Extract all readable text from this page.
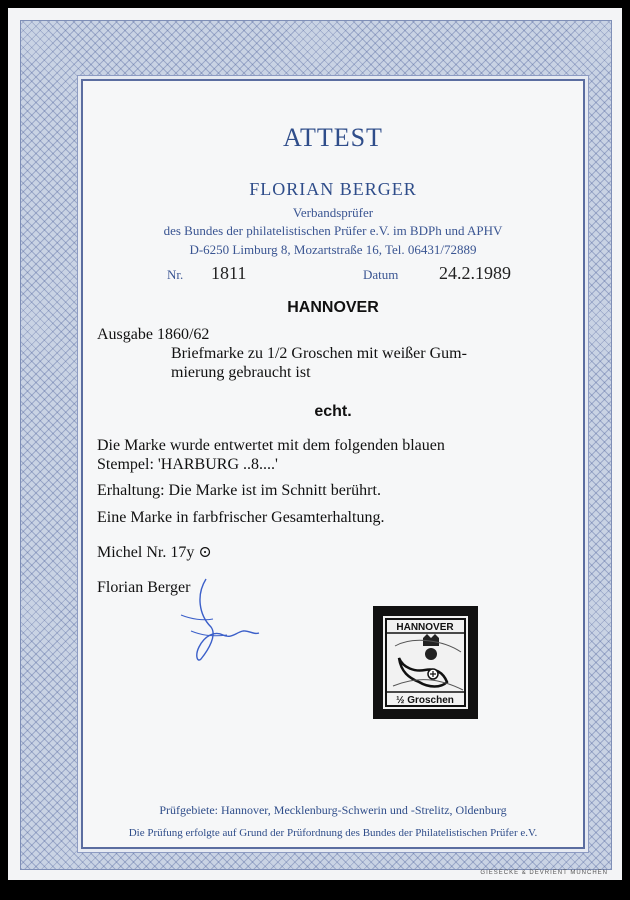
ATTEST
FLORIAN BERGER
Verbandsprüfer
des Bundes der philatelistischen Prüfer e.V. im BDPh und APHV
D-6250 Limburg 8, Mozartstraße 16, Tel. 06431/72889
Nr. 1811	Datum 24.2.1989
HANNOVER
Ausgabe 1860/62
Briefmarke zu 1/2 Groschen mit weißer Gum-
mierung gebraucht ist
echt.
Die Marke wurde entwertet mit dem folgenden blauen
Stempel: 'HARBURG ..8....'
Erhaltung: Die Marke ist im Schnitt berührt.
Eine Marke in farbfrischer Gesamterhaltung.
Michel Nr. 17y ⊙
Florian Berger
HANNOVER
½ Groschen
Prüfgebiete: Hannover, Mecklenburg-Schwerin und -Strelitz, Oldenburg
Die Prüfung erfolgte auf Grund der Prüfordnung des Bundes der Philatelistischen Prüfer e.V.
GIESECKE & DEVRIENT MÜNCHEN
